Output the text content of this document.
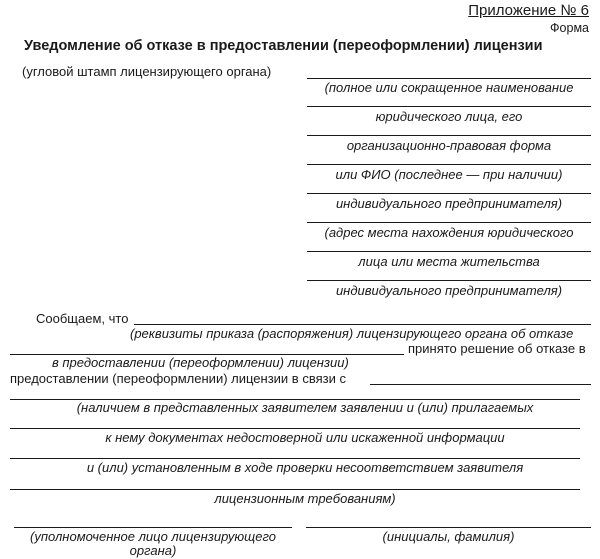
Приложение № 6
Форма
Уведомление об отказе в предоставлении (переоформлении) лицензии
(угловой штамп лицензирующего органа)
(полное или сокращенное наименование
юридического лица, его
организационно-правовая форма
или ФИО (последнее — при наличии)
индивидуального предпринимателя)
(адрес места нахождения юридического
лица или места жительства
индивидуального предпринимателя)
Сообщаем, что
(реквизиты приказа (распоряжения) лицензирующего органа об отказе
в предоставлении (переоформлении) лицензии)
принято решение об отказе в
предоставлении (переоформлении) лицензии в связи с
(наличием в представленных заявителем заявлении и (или) прилагаемых
к нему документах недостоверной или искаженной информации
и (или) установленным в ходе проверки несоответствием заявителя
лицензионным требованиям)
(уполномоченное лицо лицензирующего
органа)
(инициалы, фамилия)
